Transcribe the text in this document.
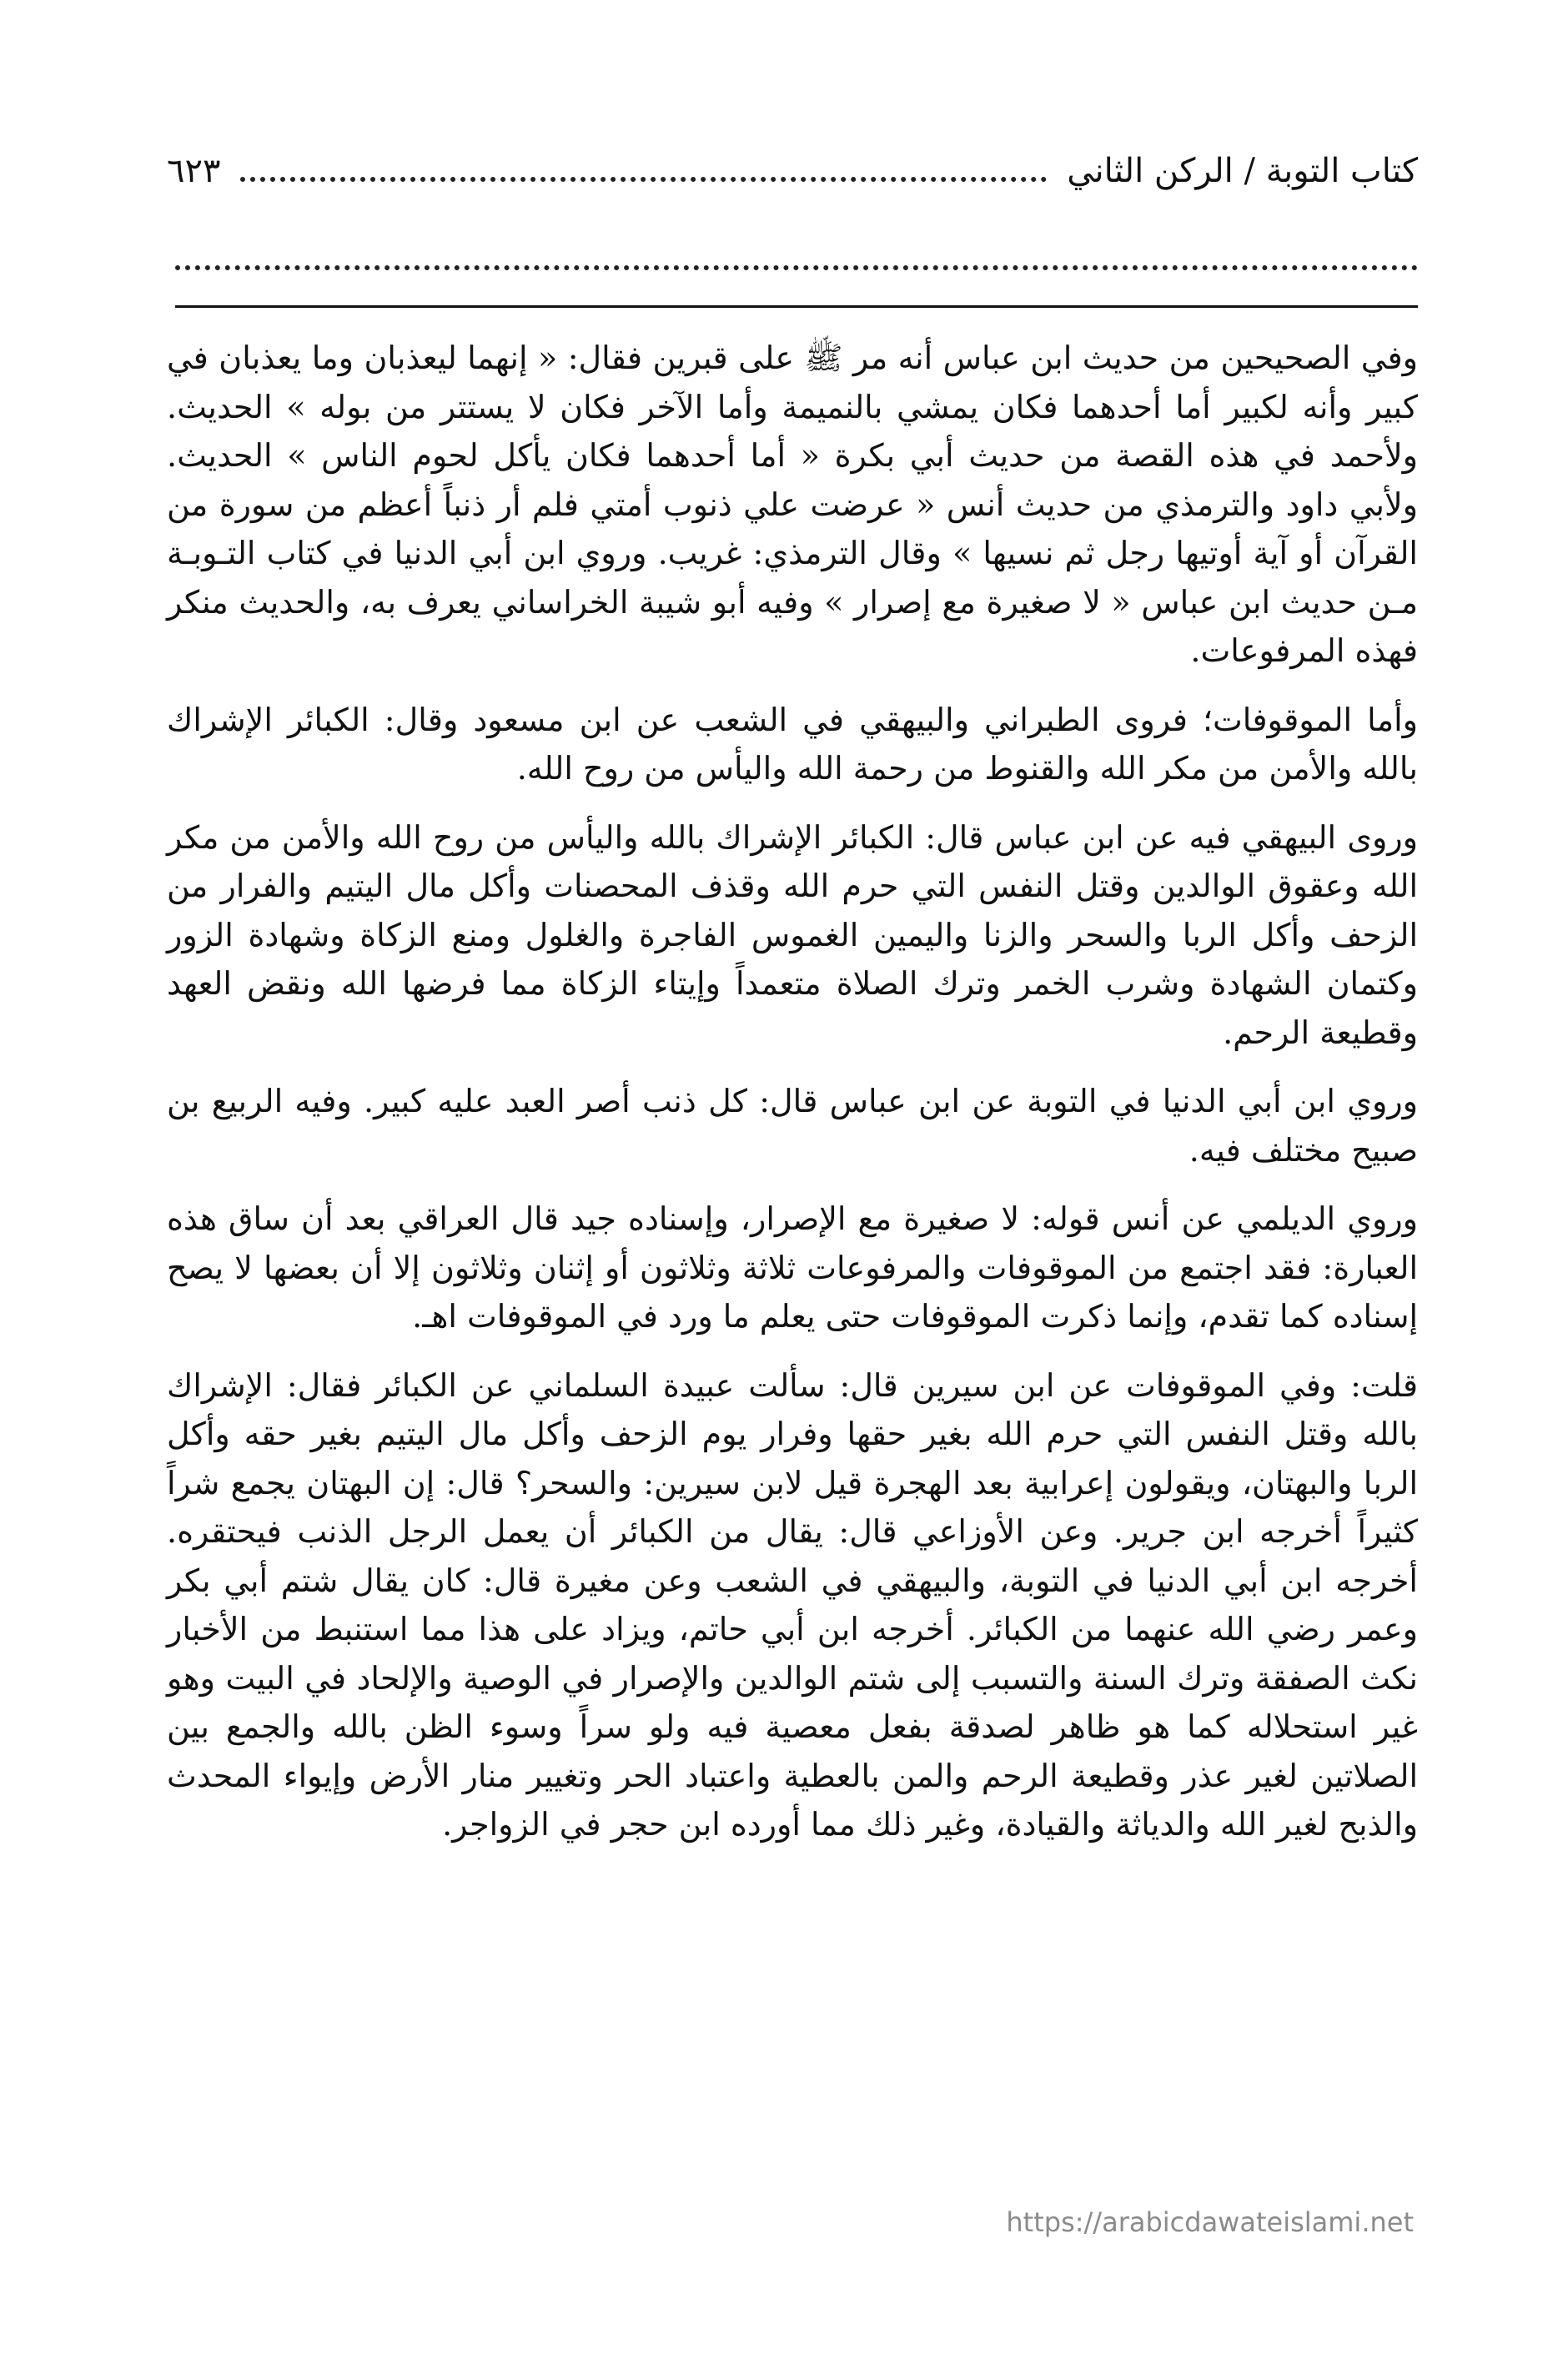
كتاب التوبة / الركن الثاني
٦٢٣

وفي الصحيحين من حديث ابن عباس أنه مر ﷺ على قبرين فقال: « إنهما ليعذبان وما يعذبان في كبير وأنه لكبير أما أحدهما فكان يمشي بالنميمة وأما الآخر فكان لا يستتر من بوله » الحديث. ولأحمد في هذه القصة من حديث أبي بكرة « أما أحدهما فكان يأكل لحوم الناس » الحديث. ولأبي داود والترمذي من حديث أنس « عرضت علي ذنوب أمتي فلم أر ذنباً أعظم من سورة من القرآن أو آية أوتيها رجل ثم نسيها » وقال الترمذي: غريب. وروي ابن أبي الدنيا في كتاب التـوبـة مـن حديث ابن عباس « لا صغيرة مع إصرار » وفيه أبو شيبة الخراساني يعرف به، والحديث منكر فهذه المرفوعات.

وأما الموقوفات؛ فروى الطبراني والبيهقي في الشعب عن ابن مسعود وقال: الكبائر الإشراك بالله والأمن من مكر الله والقنوط من رحمة الله واليأس من روح الله.

وروى البيهقي فيه عن ابن عباس قال: الكبائر الإشراك بالله واليأس من روح الله والأمن من مكر الله وعقوق الوالدين وقتل النفس التي حرم الله وقذف المحصنات وأكل مال اليتيم والفرار من الزحف وأكل الربا والسحر والزنا واليمين الغموس الفاجرة والغلول ومنع الزكاة وشهادة الزور وكتمان الشهادة وشرب الخمر وترك الصلاة متعمداً وإيتاء الزكاة مما فرضها الله ونقض العهد وقطيعة الرحم.

وروي ابن أبي الدنيا في التوبة عن ابن عباس قال: كل ذنب أصر العبد عليه كبير. وفيه الربيع بن صبيح مختلف فيه.

وروي الديلمي عن أنس قوله: لا صغيرة مع الإصرار، وإسناده جيد قال العراقي بعد أن ساق هذه العبارة: فقد اجتمع من الموقوفات والمرفوعات ثلاثة وثلاثون أو إثنان وثلاثون إلا أن بعضها لا يصح إسناده كما تقدم، وإنما ذكرت الموقوفات حتى يعلم ما ورد في الموقوفات اهـ.

قلت: وفي الموقوفات عن ابن سيرين قال: سألت عبيدة السلماني عن الكبائر فقال: الإشراك بالله وقتل النفس التي حرم الله بغير حقها وفرار يوم الزحف وأكل مال اليتيم بغير حقه وأكل الربا والبهتان، ويقولون إعرابية بعد الهجرة قيل لابن سيرين: والسحر؟ قال: إن البهتان يجمع شراً كثيراً أخرجه ابن جرير. وعن الأوزاعي قال: يقال من الكبائر أن يعمل الرجل الذنب فيحتقره. أخرجه ابن أبي الدنيا في التوبة، والبيهقي في الشعب وعن مغيرة قال: كان يقال شتم أبي بكر وعمر رضي الله عنهما من الكبائر. أخرجه ابن أبي حاتم، ويزاد على هذا مما استنبط من الأخبار نكث الصفقة وترك السنة والتسبب إلى شتم الوالدين والإصرار في الوصية والإلحاد في البيت وهو غير استحلاله كما هو ظاهر لصدقة بفعل معصية فيه ولو سراً وسوء الظن بالله والجمع بين الصلاتين لغير عذر وقطيعة الرحم والمن بالعطية واعتباد الحر وتغيير منار الأرض وإيواء المحدث والذبح لغير الله والدياثة والقيادة، وغير ذلك مما أورده ابن حجر في الزواجر.

https://arabicdawateislami.net
